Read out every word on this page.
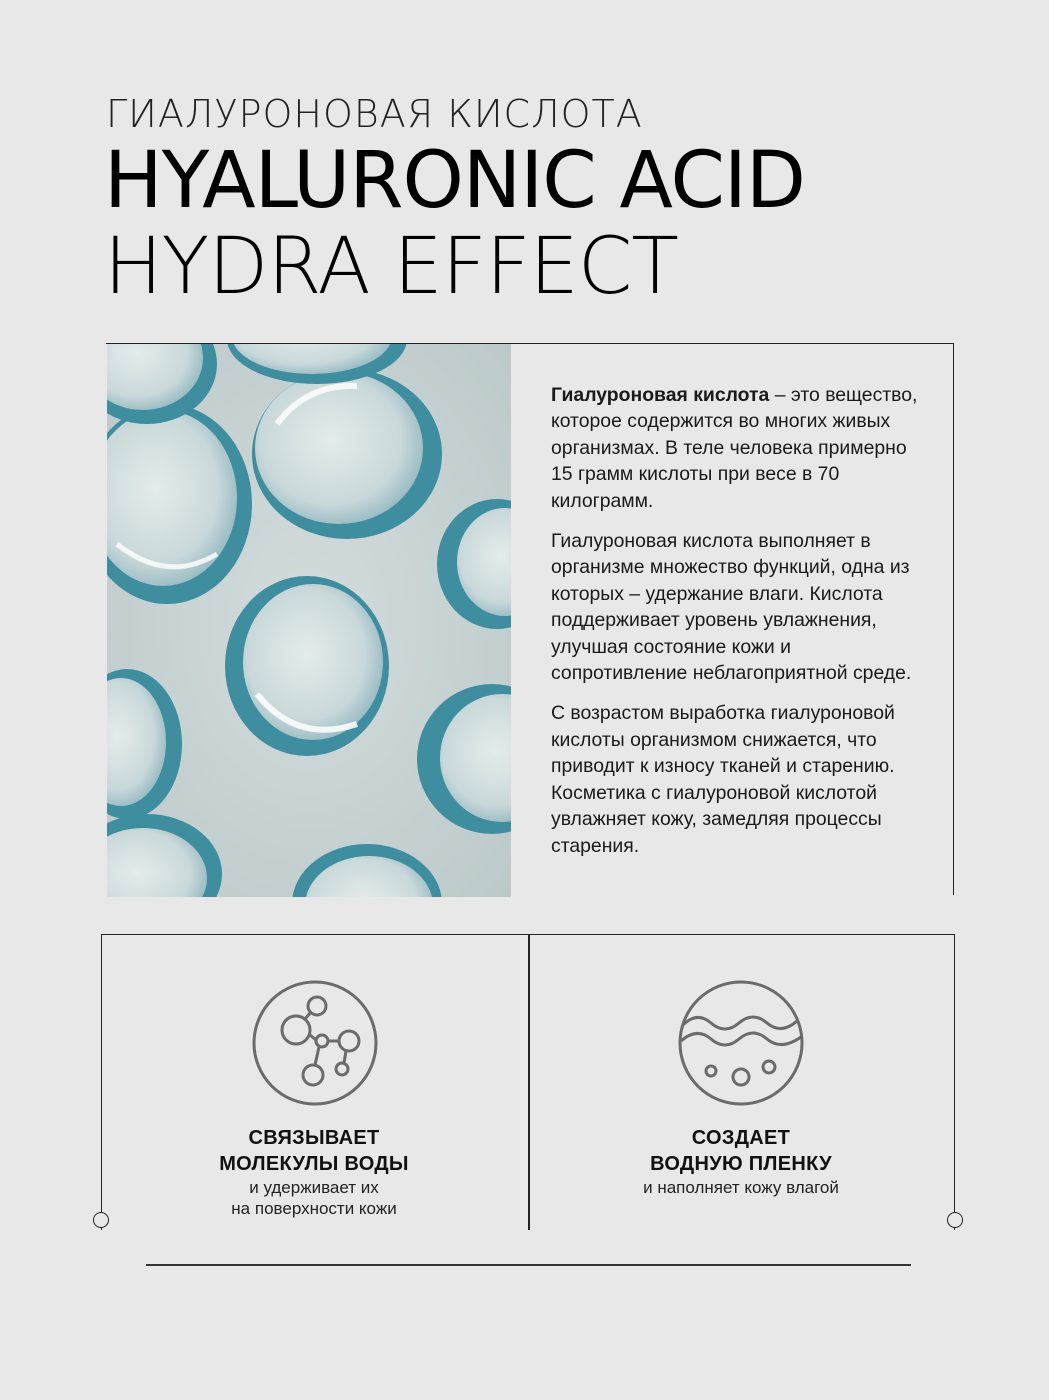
ГИАЛУРОНОВАЯ КИСЛОТА
HYALURONIC ACID
HYDRA EFFECT

Гиалуроновая кислота – это вещество, которое содержится во многих живых организмах. В теле человека примерно 15 грамм кислоты при весе в 70 килограмм.

Гиалуроновая кислота выполняет в организме множество функций, одна из которых – удержание влаги. Кислота поддерживает уровень увлажнения, улучшая состояние кожи и сопротивление неблагоприятной среде.

С возрастом выработка гиалуроновой кислоты организмом снижается, что приводит к износу тканей и старению. Косметика с гиалуроновой кислотой увлажняет кожу, замедляя процессы старения.

СВЯЗЫВАЕТ
МОЛЕКУЛЫ ВОДЫ
и удерживает их
на поверхности кожи
СОЗДАЕТ
ВОДНУЮ ПЛЕНКУ
и наполняет кожу влагой
